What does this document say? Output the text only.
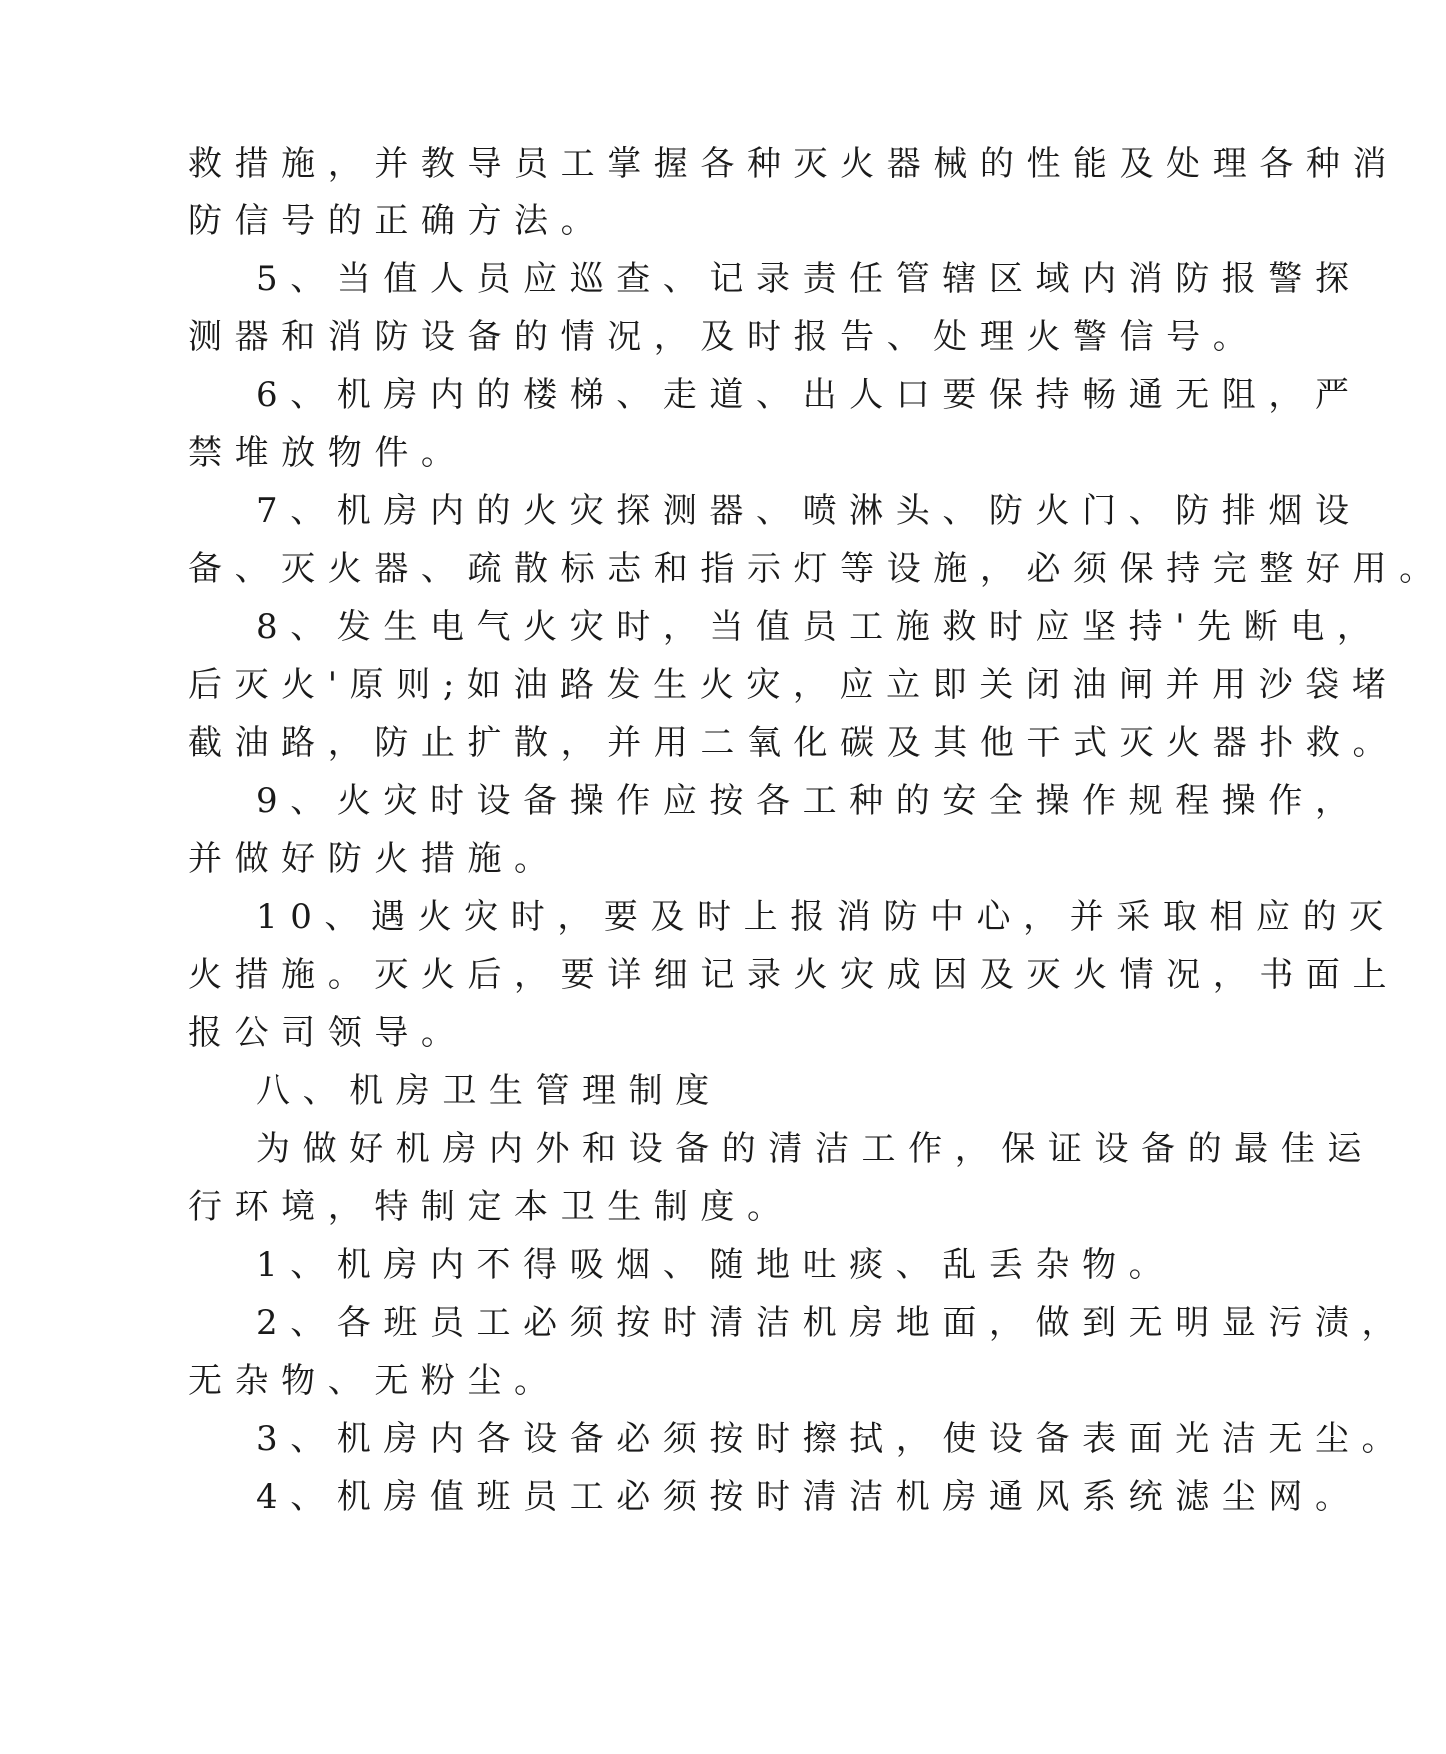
救措施，并教导员工掌握各种灭火器械的性能及处理各种消

防信号的正确方法。

5、当值人员应巡查、记录责任管辖区域内消防报警探

测器和消防设备的情况，及时报告、处理火警信号。

6、机房内的楼梯、走道、出人口要保持畅通无阻，严

禁堆放物件。

7、机房内的火灾探测器、喷淋头、防火门、防排烟设

备、灭火器、疏散标志和指示灯等设施，必须保持完整好用。

8、发生电气火灾时，当值员工施救时应坚持'先断电，

后灭火'原则;如油路发生火灾，应立即关闭油闸并用沙袋堵

截油路，防止扩散，并用二氧化碳及其他干式灭火器扑救。

9、火灾时设备操作应按各工种的安全操作规程操作，

并做好防火措施。

10、遇火灾时，要及时上报消防中心，并采取相应的灭

火措施。灭火后，要详细记录火灾成因及灭火情况，书面上

报公司领导。

八、机房卫生管理制度

为做好机房内外和设备的清洁工作，保证设备的最佳运

行环境，特制定本卫生制度。

1、机房内不得吸烟、随地吐痰、乱丢杂物。

2、各班员工必须按时清洁机房地面，做到无明显污渍，

无杂物、无粉尘。

3、机房内各设备必须按时擦拭，使设备表面光洁无尘。

4、机房值班员工必须按时清洁机房通风系统滤尘网。
